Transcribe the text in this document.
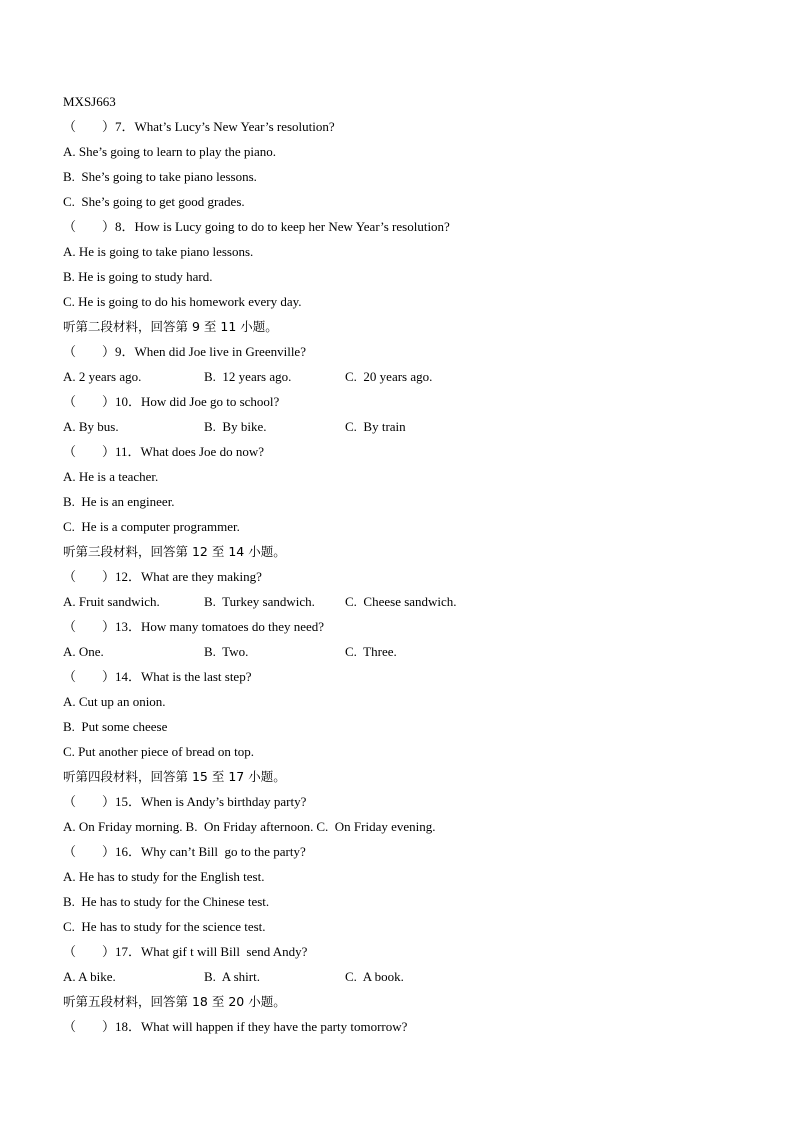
MXSJ663
（        ）7．What’s Lucy’s New Year’s resolution?
A. She’s going to learn to play the piano.
B.  She’s going to take piano lessons.
C.  She’s going to get good grades.
（        ）8．How is Lucy going to do to keep her New Year’s resolution?
A. He is going to take piano lessons.
B. He is going to study hard.
C. He is going to do his homework every day.
听第二段材料，回答第 9 至 11 小题。
（        ）9．When did Joe live in Greenville?
A. 2 years ago.	B.  12 years ago.	C.  20 years ago.
（        ）10．How did Joe go to school?
A. By bus.	B.  By bike.	C.  By train
（        ）11．What does Joe do now?
A. He is a teacher.
B.  He is an engineer.
C.  He is a computer programmer.
听第三段材料，回答第 12 至 14 小题。
（        ）12．What are they making?
A. Fruit sandwich.	B.  Turkey sandwich.	C.  Cheese sandwich.
（        ）13．How many tomatoes do they need?
A. One.	B.  Two.	C.  Three.
（        ）14．What is the last step?
A. Cut up an onion.
B.  Put some cheese
C. Put another piece of bread on top.
听第四段材料，回答第 15 至 17 小题。
（        ）15．When is Andy’s birthday party?
A. On Friday morning. B.  On Friday afternoon. C.  On Friday evening.
（        ）16．Why can’t Bill  go to the party?
A. He has to study for the English test.
B.  He has to study for the Chinese test.
C.  He has to study for the science test.
（        ）17．What gif t will Bill  send Andy?
A. A bike.	B.  A shirt.	C.  A book.
听第五段材料，回答第 18 至 20 小题。
（        ）18．What will happen if they have the party tomorrow?
